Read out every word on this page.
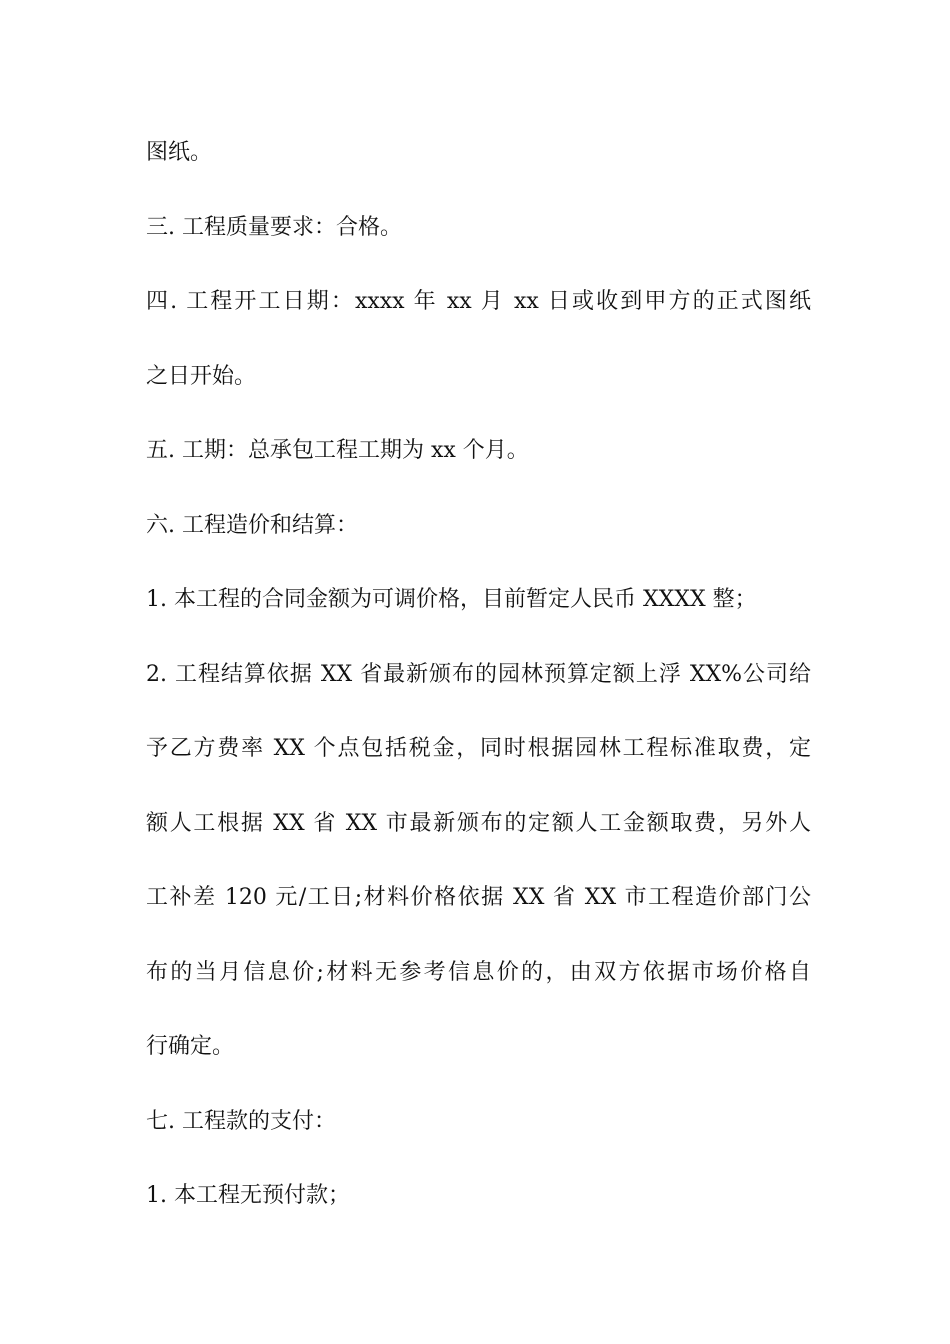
图纸。
三. 工程质量要求：合格。
四. 工程开工日期：xxxx 年 xx 月 xx 日或收到甲方的正式图纸
之日开始。
五. 工期：总承包工程工期为 xx 个月。
六. 工程造价和结算：
1. 本工程的合同金额为可调价格，目前暂定人民币 XXXX 整；
2. 工程结算依据 XX 省最新颁布的园林预算定额上浮 XX%公司给
予乙方费率 XX 个点包括税金，同时根据园林工程标准取费，定
额人工根据 XX 省 XX 市最新颁布的定额人工金额取费，另外人
工补差 120 元/工日;材料价格依据 XX 省 XX 市工程造价部门公
布的当月信息价;材料无参考信息价的，由双方依据市场价格自
行确定。
七. 工程款的支付：
1. 本工程无预付款；
